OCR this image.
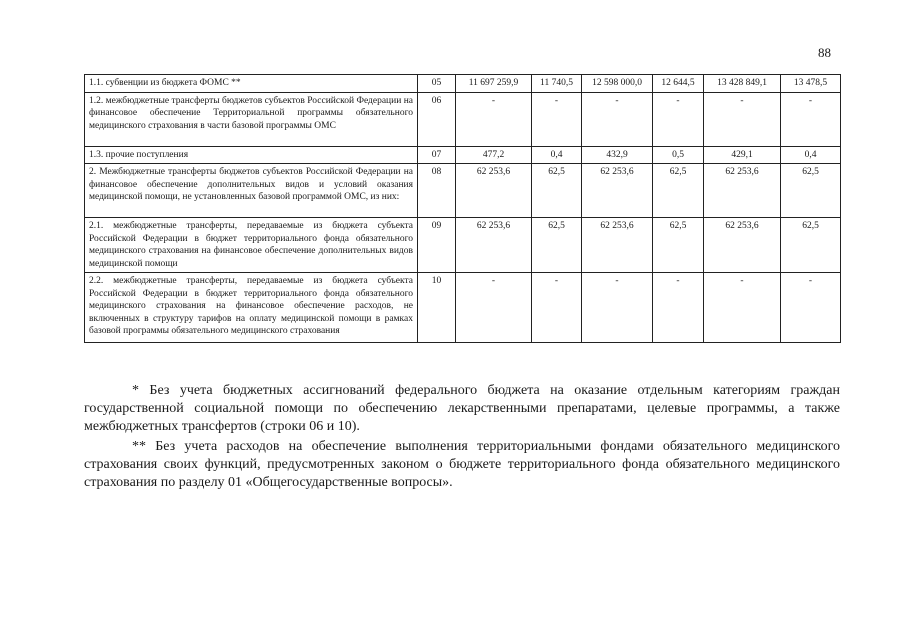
88
1.1. субвенции из бюджета ФОМС **	05	11 697 259,9	11 740,5	12 598 000,0	12 644,5	13 428 849,1	13 478,5
1.2. межбюджетные трансферты бюджетов субъектов Российской Федерации на финансовое обеспечение Территориальной программы обязательного медицинского страхования в части базовой программы ОМС	06	-	-	-	-	-	-
1.3. прочие поступления	07	477,2	0,4	432,9	0,5	429,1	0,4
2. Межбюджетные трансферты бюджетов субъектов Российской Федерации на финансовое обеспечение дополнительных видов и условий оказания медицинской помощи, не установленных базовой программой ОМС, из них:	08	62 253,6	62,5	62 253,6	62,5	62 253,6	62,5
2.1. межбюджетные трансферты, передаваемые из бюджета субъекта Российской Федерации в бюджет территориального фонда обязательного медицинского страхования на финансовое обеспечение дополнительных видов медицинской помощи	09	62 253,6	62,5	62 253,6	62,5	62 253,6	62,5
2.2. межбюджетные трансферты, передаваемые из бюджета субъекта Российской Федерации в бюджет территориального фонда обязательного медицинского страхования на финансовое обеспечение расходов, не включенных в структуру тарифов на оплату медицинской помощи в рамках базовой программы обязательного медицинского страхования	10	-	-	-	-	-	-

* Без учета бюджетных ассигнований федерального бюджета на оказание отдельным категориям граждан государственной социальной помощи по обеспечению лекарственными препаратами, целевые программы, а также межбюджетных трансфертов (строки 06 и 10).

** Без учета расходов на обеспечение выполнения территориальными фондами обязательного медицинского страхования своих функций, предусмотренных законом о бюджете территориального фонда обязательного медицинского страхования по разделу 01 «Общегосударственные вопросы».
